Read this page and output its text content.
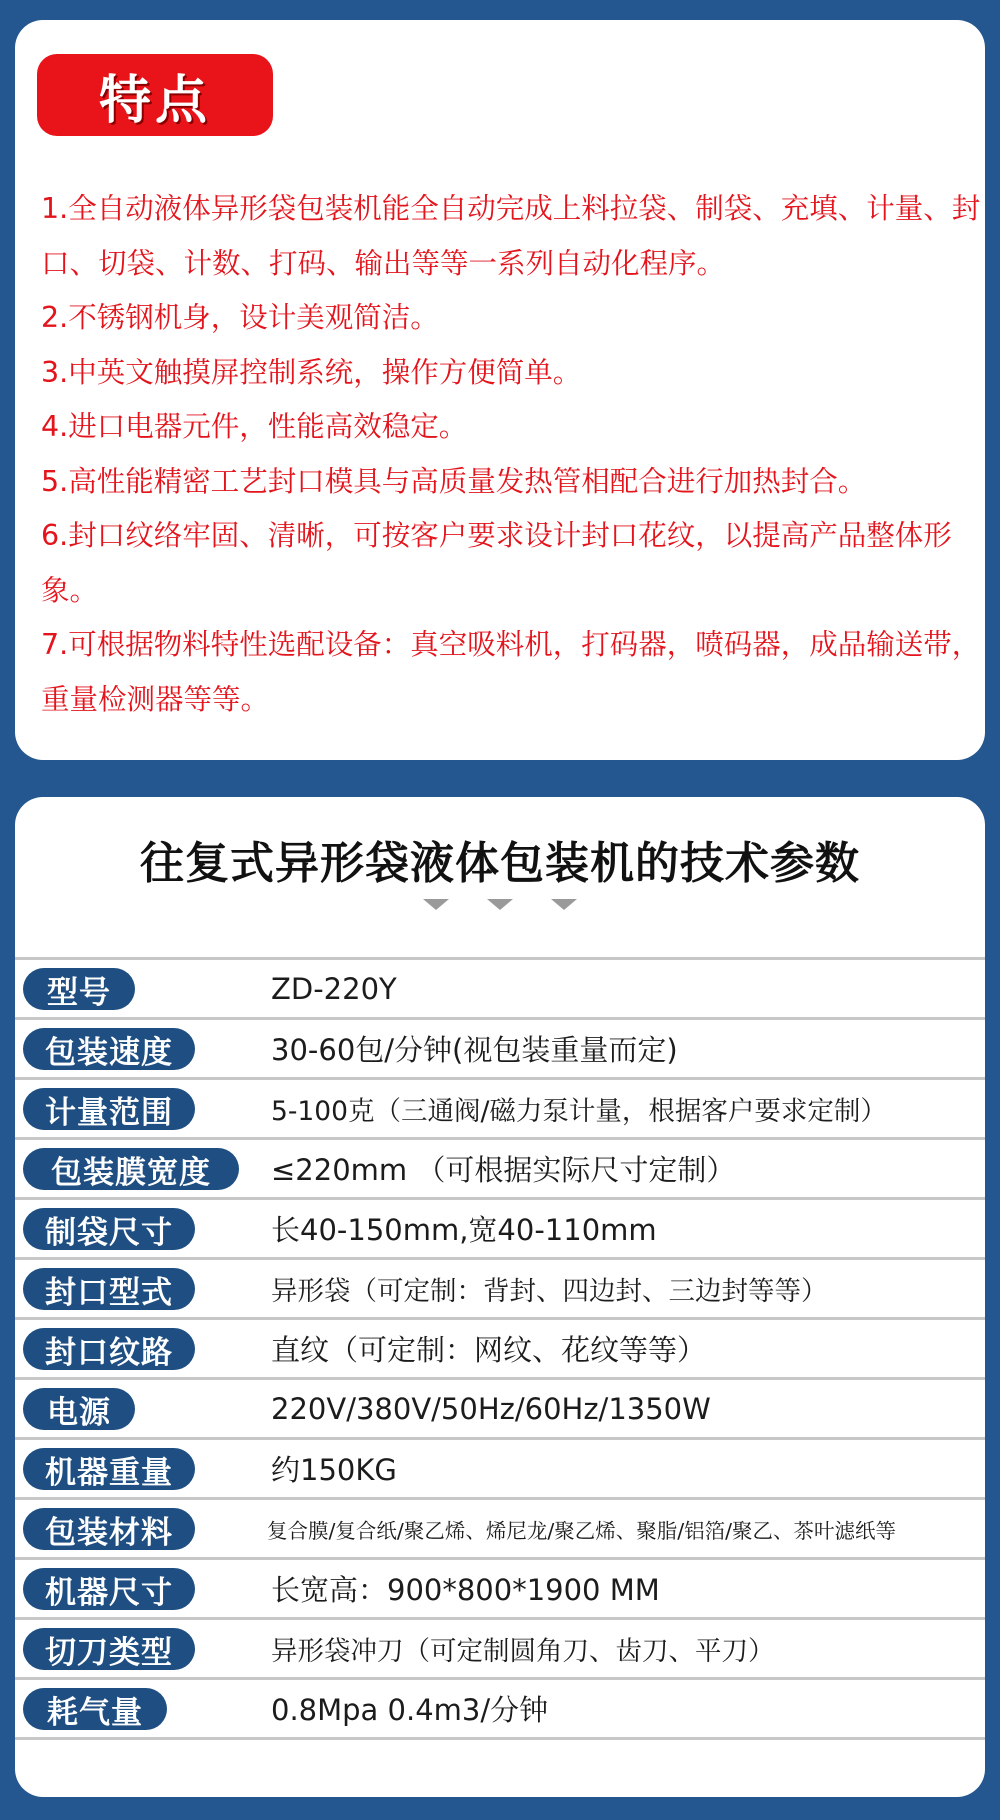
特点
1.全自动液体异形袋包装机能全自动完成上料拉袋、制袋、充填、计量、封口、切袋、计数、打码、输出等等一系列自动化程序。
2.不锈钢机身，设计美观简洁。
3.中英文触摸屏控制系统，操作方便简单。
4.进口电器元件，性能高效稳定。
5.高性能精密工艺封口模具与高质量发热管相配合进行加热封合。
6.封口纹络牢固、清晰，可按客户要求设计封口花纹，以提高产品整体形象。
7.可根据物料特性选配设备：真空吸料机，打码器，喷码器，成品输送带，重量检测器等等。
往复式异形袋液体包装机的技术参数
型号	ZD-220Y
包装速度	30-60包/分钟(视包装重量而定)
计量范围	5-100克（三通阀/磁力泵计量，根据客户要求定制）
包装膜宽度	≤220mm （可根据实际尺寸定制）
制袋尺寸	长40-150mm,宽40-110mm
封口型式	异形袋（可定制：背封、四边封、三边封等等）
封口纹路	直纹（可定制：网纹、花纹等等）
电源	220V/380V/50Hz/60Hz/1350W
机器重量	约150KG
包装材料	复合膜/复合纸/聚乙烯、烯尼龙/聚乙烯、聚脂/铝箔/聚乙、茶叶滤纸等
机器尺寸	长宽高：900*800*1900 MM
切刀类型	异形袋冲刀（可定制圆角刀、齿刀、平刀）
耗气量	0.8Mpa 0.4m3/分钟
